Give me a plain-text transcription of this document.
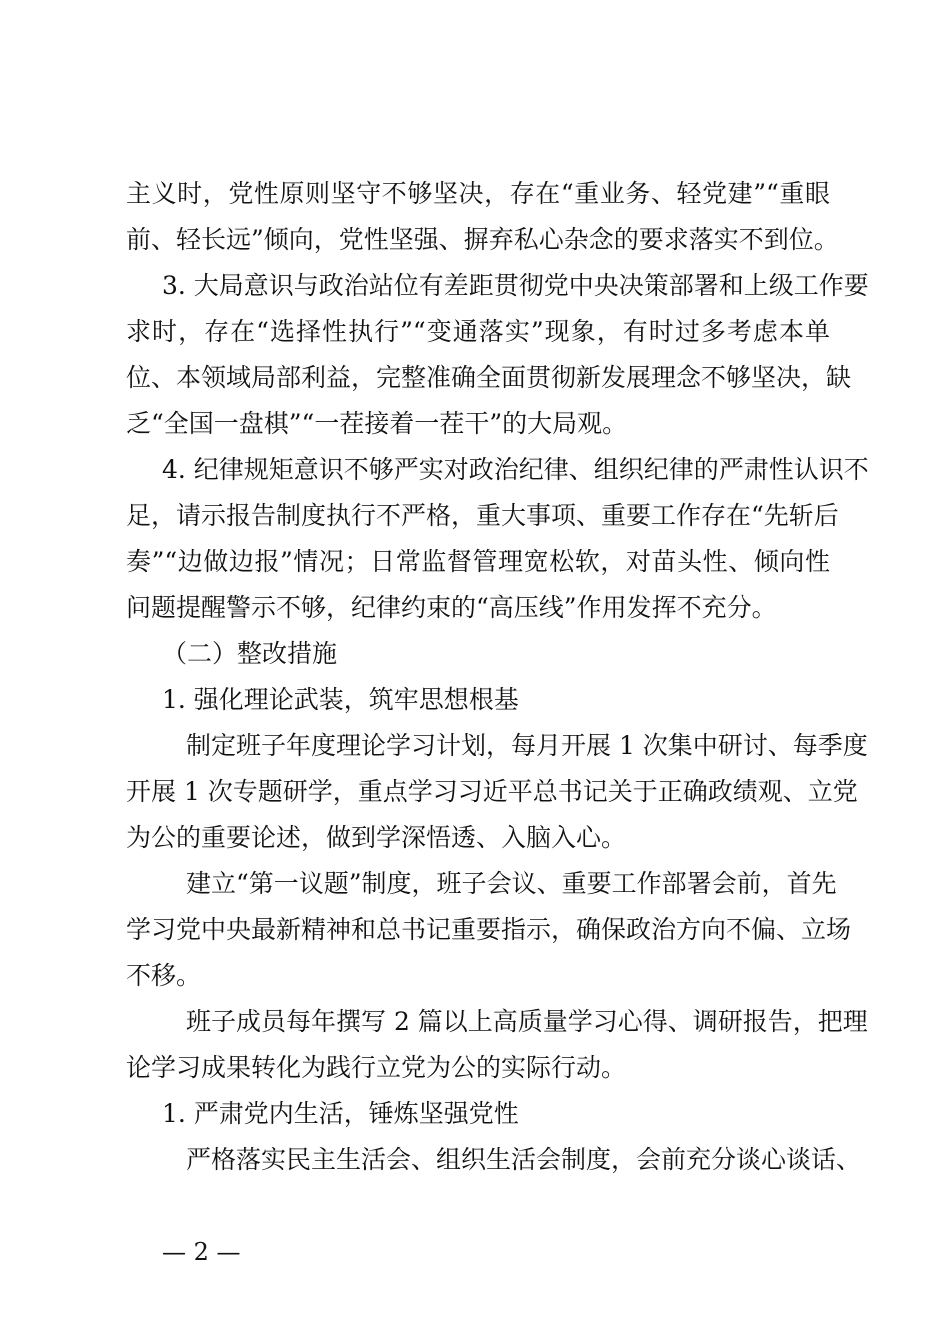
主义时，党性原则坚守不够坚决，存在“重业务、轻党建”“重眼
前、轻长远”倾向，党性坚强、摒弃私心杂念的要求落实不到位。
3. 大局意识与政治站位有差距贯彻党中央决策部署和上级工作要
求时，存在“选择性执行”“变通落实”现象，有时过多考虑本单
位、本领域局部利益，完整准确全面贯彻新发展理念不够坚决，缺
乏“全国一盘棋”“一茬接着一茬干”的大局观。
4. 纪律规矩意识不够严实对政治纪律、组织纪律的严肃性认识不
足，请示报告制度执行不严格，重大事项、重要工作存在“先斩后
奏”“边做边报”情况；日常监督管理宽松软，对苗头性、倾向性
问题提醒警示不够，纪律约束的“高压线”作用发挥不充分。
（二）整改措施
1. 强化理论武装，筑牢思想根基
制定班子年度理论学习计划，每月开展 1 次集中研讨、每季度
开展 1 次专题研学，重点学习习近平总书记关于正确政绩观、立党
为公的重要论述，做到学深悟透、入脑入心。
建立“第一议题”制度，班子会议、重要工作部署会前，首先
学习党中央最新精神和总书记重要指示，确保政治方向不偏、立场
不移。
班子成员每年撰写 2 篇以上高质量学习心得、调研报告，把理
论学习成果转化为践行立党为公的实际行动。
1. 严肃党内生活，锤炼坚强党性
严格落实民主生活会、组织生活会制度，会前充分谈心谈话、
— 2 —
